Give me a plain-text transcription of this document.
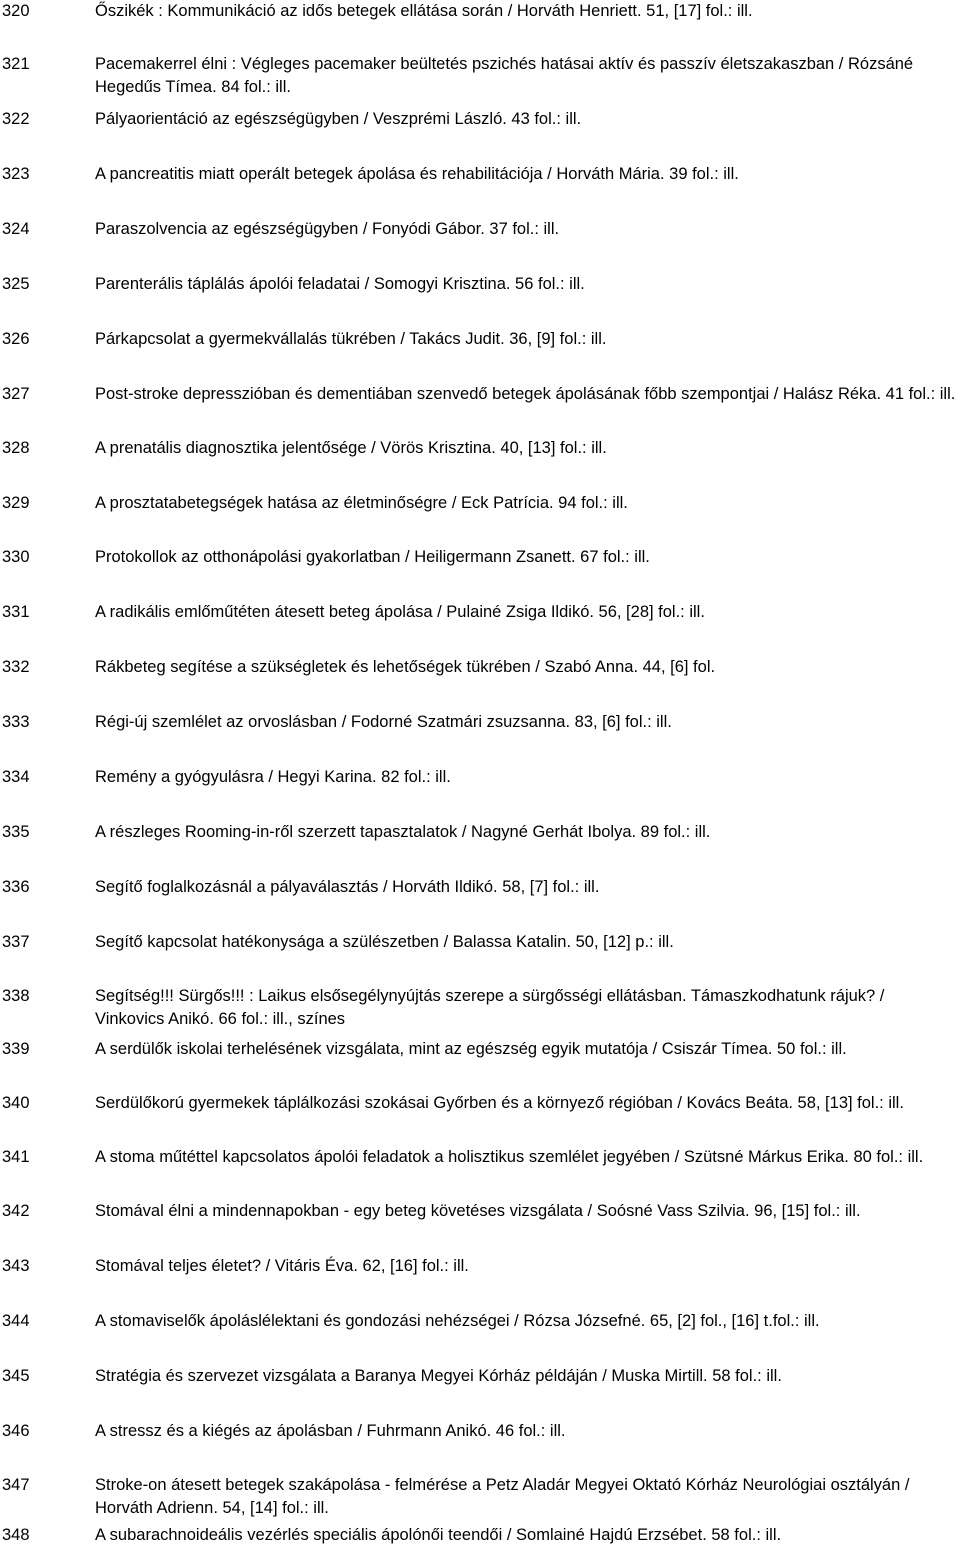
320	Őszikék : Kommunikáció az idős betegek ellátása során / Horváth Henriett. 51, [17] fol.: ill.
321	Pacemakerrel élni : Végleges pacemaker beültetés pszichés hatásai aktív és passzív életszakaszban / Rózsáné Hegedűs Tímea. 84 fol.: ill.
322	Pályaorientáció az egészségügyben / Veszprémi László. 43 fol.: ill.
323	A pancreatitis miatt operált betegek ápolása és rehabilitációja / Horváth Mária. 39 fol.: ill.
324	Paraszolvencia az egészségügyben / Fonyódi Gábor. 37 fol.: ill.
325	Parenterális táplálás ápolói feladatai / Somogyi Krisztina. 56 fol.: ill.
326	Párkapcsolat a gyermekvállalás tükrében / Takács Judit. 36, [9] fol.: ill.
327	Post-stroke depresszióban és dementiában szenvedő betegek ápolásának főbb szempontjai / Halász Réka. 41 fol.: ill.
328	A prenatális diagnosztika jelentősége / Vörös Krisztina. 40, [13] fol.: ill.
329	A prosztatabetegségek hatása az életminőségre / Eck Patrícia. 94 fol.: ill.
330	Protokollok az otthonápolási gyakorlatban / Heiligermann Zsanett. 67 fol.: ill.
331	A radikális emlőműtéten átesett beteg ápolása / Pulainé Zsiga Ildikó. 56, [28] fol.: ill.
332	Rákbeteg segítése a szükségletek és lehetőségek tükrében / Szabó Anna. 44, [6] fol.
333	Régi-új szemlélet az orvoslásban / Fodorné Szatmári zsuzsanna. 83, [6] fol.: ill.
334	Remény a gyógyulásra / Hegyi Karina. 82 fol.: ill.
335	A részleges Rooming-in-ről szerzett tapasztalatok / Nagyné Gerhát Ibolya. 89 fol.: ill.
336	Segítő foglalkozásnál a pályaválasztás / Horváth Ildikó. 58, [7] fol.: ill.
337	Segítő kapcsolat hatékonysága a szülészetben / Balassa Katalin. 50, [12] p.: ill.
338	Segítség!!! Sürgős!!! : Laikus elsősegélynyújtás szerepe a sürgősségi ellátásban. Támaszkodhatunk rájuk? / Vinkovics Anikó. 66 fol.: ill., színes
339	A serdülők iskolai terhelésének vizsgálata, mint az egészség egyik mutatója / Csiszár Tímea. 50 fol.: ill.
340	Serdülőkorú gyermekek táplálkozási szokásai Győrben és a környező régióban / Kovács Beáta. 58, [13] fol.: ill.
341	A stoma műtéttel kapcsolatos ápolói feladatok a holisztikus szemlélet jegyében / Szütsné Márkus Erika. 80 fol.: ill.
342	Stomával élni a mindennapokban - egy beteg követéses vizsgálata / Soósné Vass Szilvia. 96, [15] fol.: ill.
343	Stomával teljes életet? / Vitáris Éva. 62, [16] fol.: ill.
344	A stomaviselők ápoláslélektani és gondozási nehézségei / Rózsa Józsefné. 65, [2] fol., [16] t.fol.: ill.
345	Stratégia és szervezet vizsgálata a Baranya Megyei Kórház példáján / Muska Mirtill. 58 fol.: ill.
346	A stressz és a kiégés az ápolásban / Fuhrmann Anikó. 46 fol.: ill.
347	Stroke-on átesett betegek szakápolása - felmérése a Petz Aladár Megyei Oktató Kórház Neurológiai osztályán / Horváth Adrienn. 54, [14] fol.: ill.
348	A subarachnoideális vezérlés speciális ápolónői teendői / Somlainé Hajdú Erzsébet. 58 fol.: ill.
